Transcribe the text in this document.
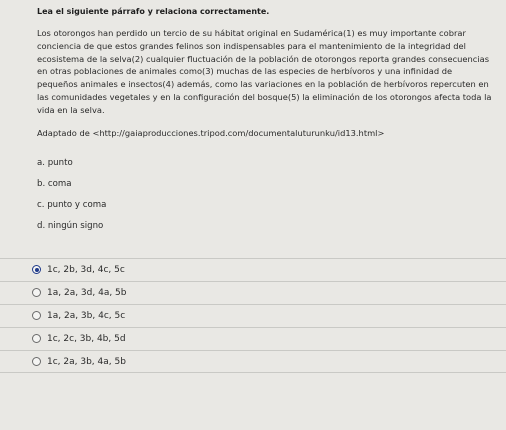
Lea el siguiente párrafo y relaciona correctamente.
Los otorongos han perdido un tercio de su hábitat original en Sudamérica(1) es muy importante cobrar conciencia de que estos grandes felinos son indispensables para el mantenimiento de la integridad del ecosistema de la selva(2) cualquier fluctuación de la población de otorongos reporta grandes consecuencias en otras poblaciones de animales como(3) muchas de las especies de herbívoros y una infinidad de pequeños animales e insectos(4) además, como las variaciones en la población de herbívoros repercuten en las comunidades vegetales y en la configuración del bosque(5) la eliminación de los otorongos afecta toda la vida en la selva.
Adaptado de <http://gaiaproducciones.tripod.com/documentaluturunku/id13.html>
a. punto
b. coma
c. punto y coma
d. ningún signo
1c, 2b, 3d, 4c, 5c
1a, 2a, 3d, 4a, 5b
1a, 2a, 3b, 4c, 5c
1c, 2c, 3b, 4b, 5d
1c, 2a, 3b, 4a, 5b
